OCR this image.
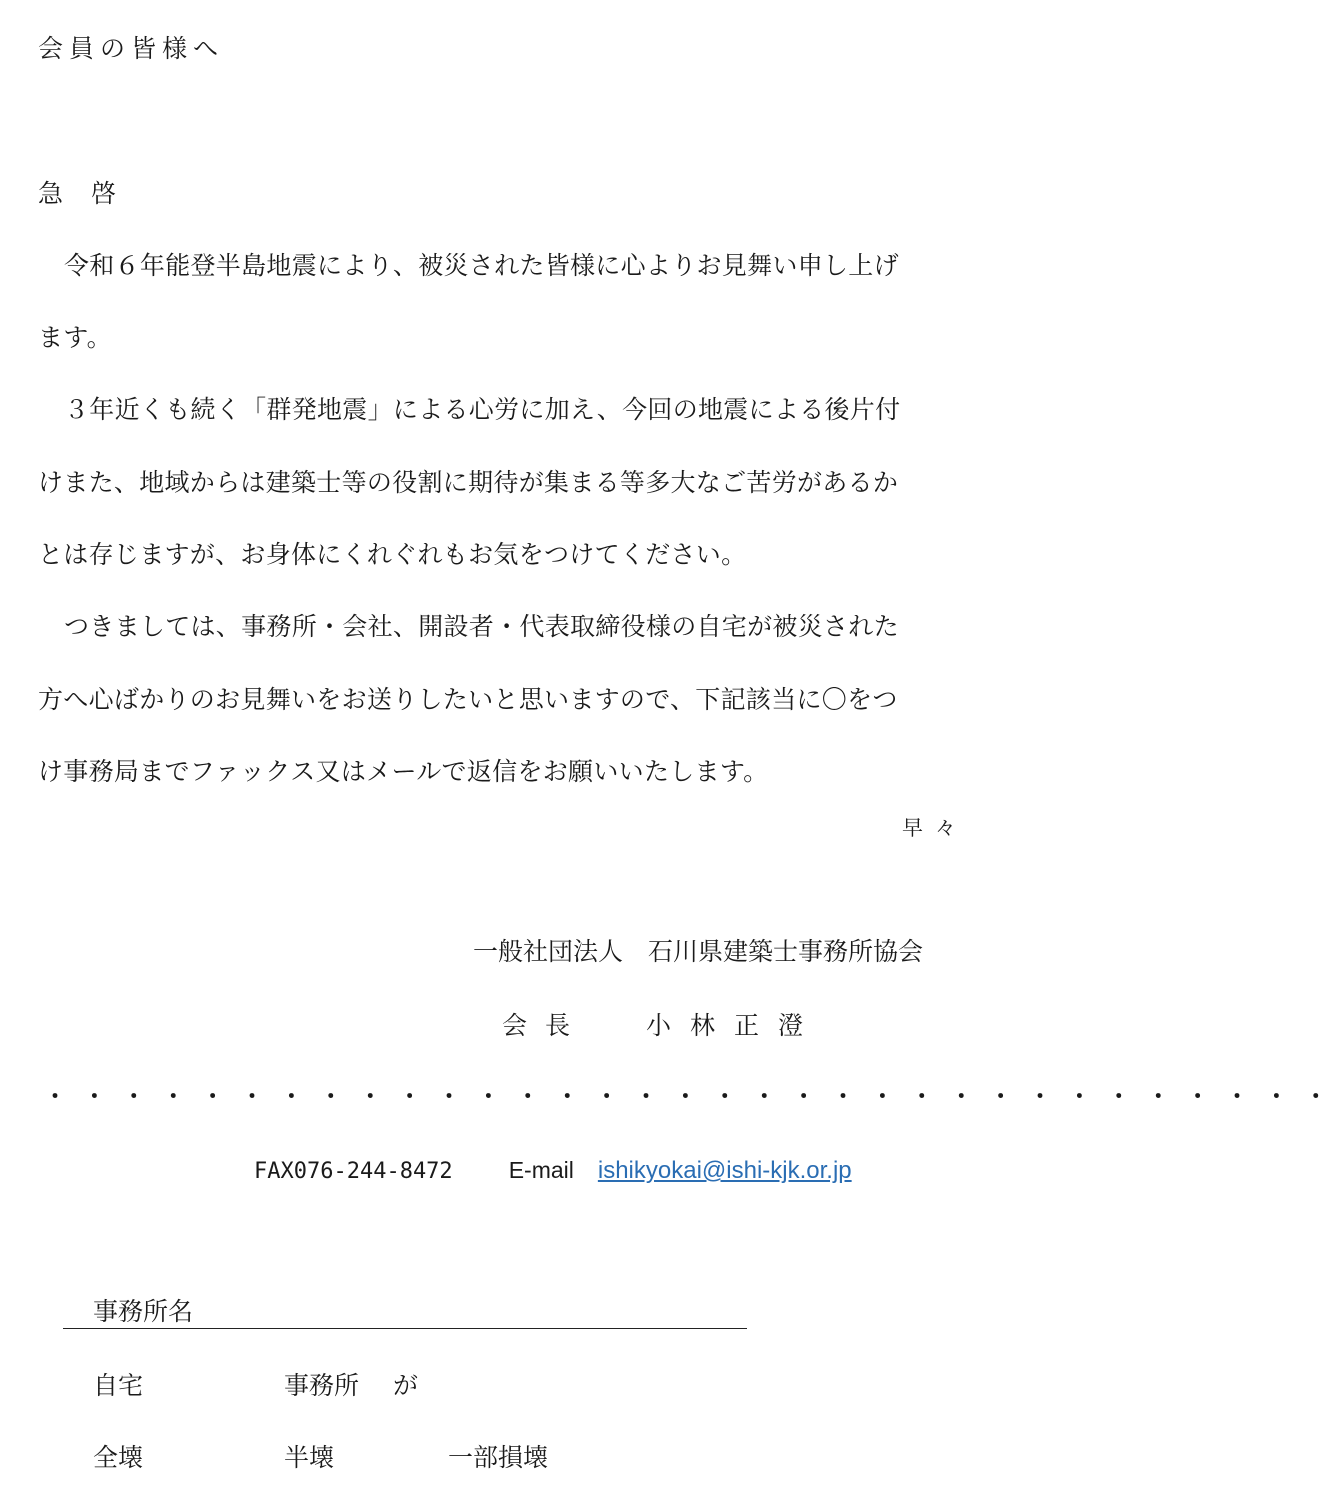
会員の皆様へ
急啓
令和６年能登半島地震により、被災された皆様に心よりお見舞い申し上げ
ます。
３年近くも続く「群発地震」による心労に加え、今回の地震による後片付
けまた、地域からは建築士等の役割に期待が集まる等多大なご苦労があるか
とは存じますが、お身体にくれぐれもお気をつけてください。
つきましては、事務所・会社、開設者・代表取締役様の自宅が被災された
方へ心ばかりのお見舞いをお送りしたいと思いますので、下記該当に〇をつ
け事務局までファックス又はメールで返信をお願いいたします。
早々
一般社団法人　石川県建築士事務所協会
会長 小林正澄
・・・・・・・・・・・・・・・・・・・・・・・・・・・・・・・・・
FAX076-244-8472 E-mail ishikyokai@ishi-kjk.or.jp
事務所名
自宅	事務所 が
全壊	半壊	一部損壊
